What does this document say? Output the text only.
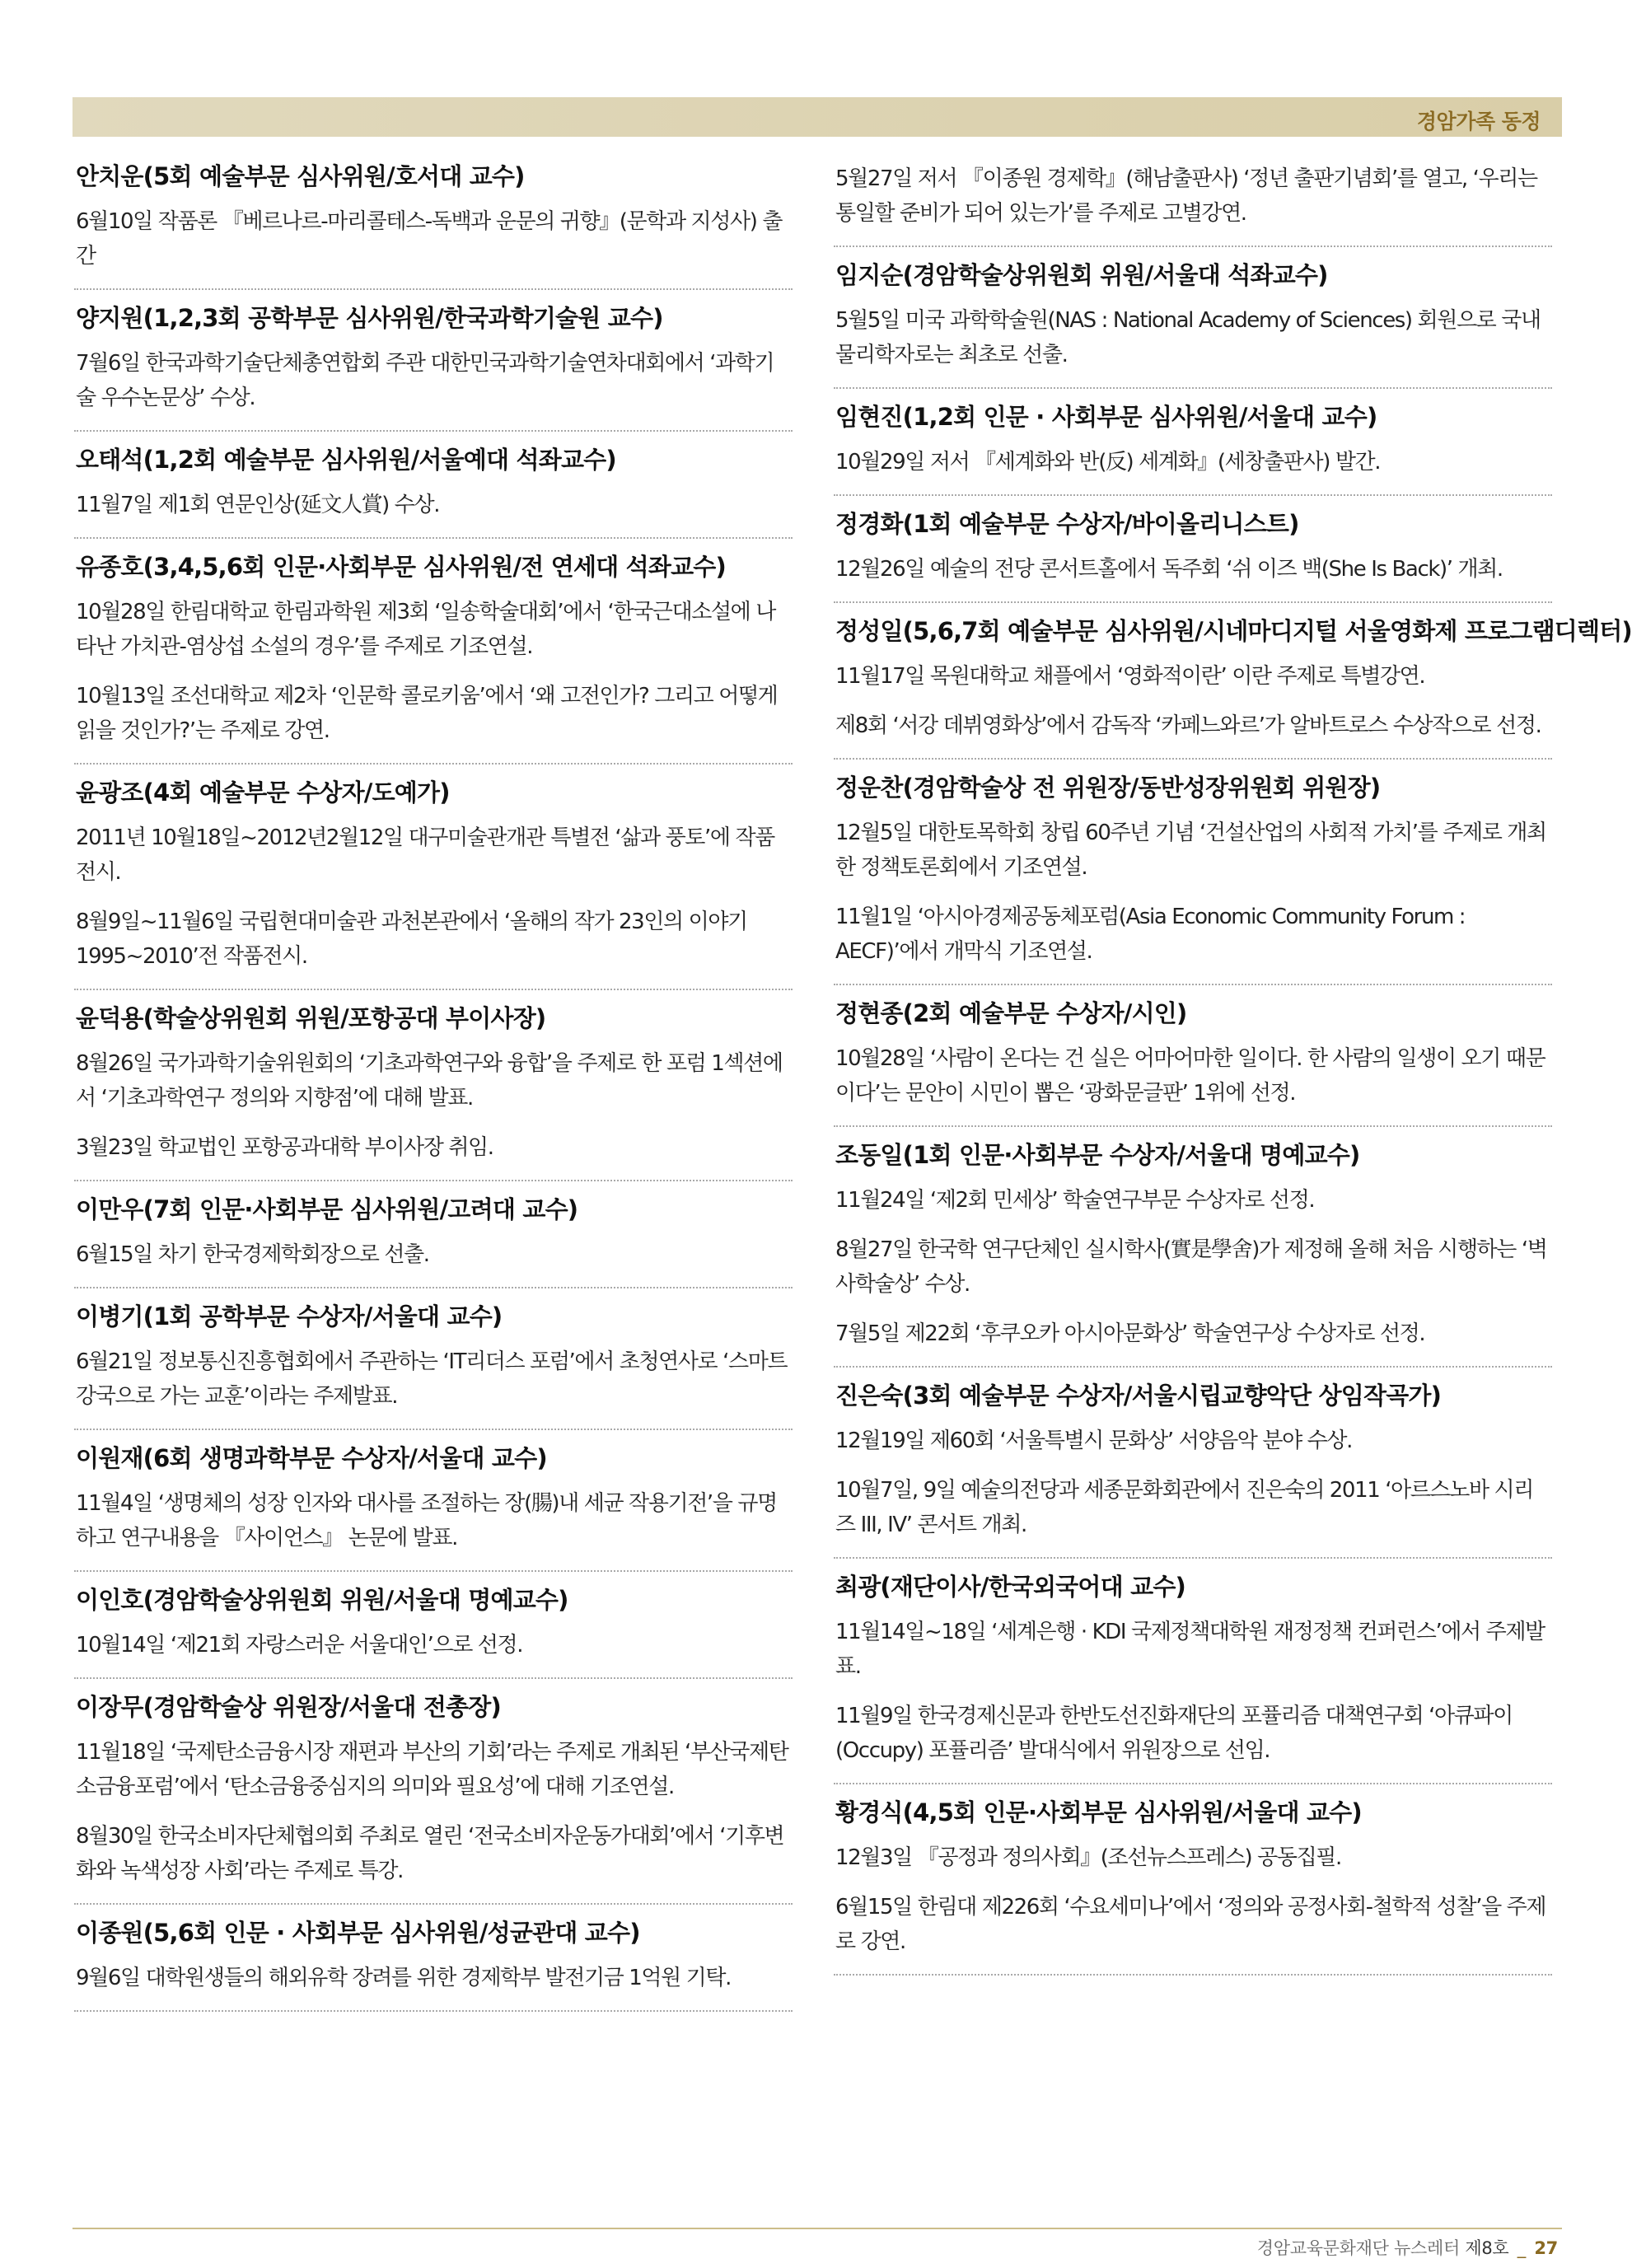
경암가족 동정
안치운(5회 예술부문 심사위원/호서대 교수)
6월10일 작품론 『베르나르-마리콜테스-독백과 운문의 귀향』(문학과 지성사) 출간
양지원(1,2,3회 공학부문 심사위원/한국과학기술원 교수)
7월6일 한국과학기술단체총연합회 주관 대한민국과학기술연차대회에서 ‘과학기술 우수논문상’ 수상.
오태석(1,2회 예술부문 심사위원/서울예대 석좌교수)
11월7일 제1회 연문인상(延文人賞) 수상.
유종호(3,4,5,6회 인문·사회부문 심사위원/전 연세대 석좌교수)
10월28일 한림대학교 한림과학원 제3회 ‘일송학술대회’에서 ‘한국근대소설에 나타난 가치관-염상섭 소설의 경우’를 주제로 기조연설.
10월13일 조선대학교 제2차 ‘인문학 콜로키움’에서 ‘왜 고전인가? 그리고 어떻게 읽을 것인가?’는 주제로 강연.
윤광조(4회 예술부문 수상자/도예가)
2011년 10월18일~2012년2월12일 대구미술관개관 특별전 ‘삶과 풍토’에 작품전시.
8월9일~11월6일 국립현대미술관 과천본관에서 ‘올해의 작가 23인의 이야기 1995~2010’전 작품전시.
윤덕용(학술상위원회 위원/포항공대 부이사장)
8월26일 국가과학기술위원회의 ‘기초과학연구와 융합’을 주제로 한 포럼 1섹션에서 ‘기초과학연구 정의와 지향점’에 대해 발표.
3월23일 학교법인 포항공과대학 부이사장 취임.
이만우(7회 인문·사회부문 심사위원/고려대 교수)
6월15일 차기 한국경제학회장으로 선출.
이병기(1회 공학부문 수상자/서울대 교수)
6월21일 정보통신진흥협회에서 주관하는 ‘IT리더스 포럼’에서 초청연사로 ‘스마트 강국으로 가는 교훈’이라는 주제발표.
이원재(6회 생명과학부문 수상자/서울대 교수)
11월4일 ‘생명체의 성장 인자와 대사를 조절하는 장(腸)내 세균 작용기전’을 규명하고 연구내용을 『사이언스』 논문에 발표.
이인호(경암학술상위원회 위원/서울대 명예교수)
10월14일 ‘제21회 자랑스러운 서울대인’으로 선정.
이장무(경암학술상 위원장/서울대 전총장)
11월18일 ‘국제탄소금융시장 재편과 부산의 기회’라는 주제로 개최된 ‘부산국제탄소금융포럼’에서 ‘탄소금융중심지의 의미와 필요성’에 대해 기조연설.
8월30일 한국소비자단체협의회 주최로 열린 ‘전국소비자운동가대회’에서 ‘기후변화와 녹색성장 사회’라는 주제로 특강.
이종원(5,6회 인문 · 사회부문 심사위원/성균관대 교수)
9월6일 대학원생들의 해외유학 장려를 위한 경제학부 발전기금 1억원 기탁.
5월27일 저서 『이종원 경제학』(해남출판사) ‘정년 출판기념회’를 열고, ‘우리는 통일할 준비가 되어 있는가’를 주제로 고별강연.
임지순(경암학술상위원회 위원/서울대 석좌교수)
5월5일 미국 과학학술원(NAS : National Academy of Sciences) 회원으로 국내 물리학자로는 최초로 선출.
임현진(1,2회 인문 · 사회부문 심사위원/서울대 교수)
10월29일 저서 『세계화와 반(反) 세계화』(세창출판사) 발간.
정경화(1회 예술부문 수상자/바이올리니스트)
12월26일 예술의 전당 콘서트홀에서 독주회 ‘쉬 이즈 백(She Is Back)’ 개최.
정성일(5,6,7회 예술부문 심사위원/시네마디지털 서울영화제 프로그램디렉터)
11월17일 목원대학교 채플에서 ‘영화적이란’ 이란 주제로 특별강연.
제8회 ‘서강 데뷔영화상’에서 감독작 ‘카페느와르’가 알바트로스 수상작으로 선정.
정운찬(경암학술상 전 위원장/동반성장위원회 위원장)
12월5일 대한토목학회 창립 60주년 기념 ‘건설산업의 사회적 가치’를 주제로 개최한 정책토론회에서 기조연설.
11월1일 ‘아시아경제공동체포럼(Asia Economic Community Forum : AECF)’에서 개막식 기조연설.
정현종(2회 예술부문 수상자/시인)
10월28일 ‘사람이 온다는 건 실은 어마어마한 일이다. 한 사람의 일생이 오기 때문이다’는 문안이 시민이 뽑은 ‘광화문글판’ 1위에 선정.
조동일(1회 인문·사회부문 수상자/서울대 명예교수)
11월24일 ‘제2회 민세상’ 학술연구부문 수상자로 선정.
8월27일 한국학 연구단체인 실시학사(實是學舍)가 제정해 올해 처음 시행하는 ‘벽사학술상’ 수상.
7월5일 제22회 ‘후쿠오카 아시아문화상’ 학술연구상 수상자로 선정.
진은숙(3회 예술부문 수상자/서울시립교향악단 상임작곡가)
12월19일 제60회 ‘서울특별시 문화상’ 서양음악 분야 수상.
10월7일, 9일 예술의전당과 세종문화회관에서 진은숙의 2011 ‘아르스노바 시리즈 III, IV’ 콘서트 개최.
최광(재단이사/한국외국어대 교수)
11월14일~18일 ‘세계은행 · KDI 국제정책대학원 재정정책 컨퍼런스’에서 주제발표.
11월9일 한국경제신문과 한반도선진화재단의 포퓰리즘 대책연구회 ‘아큐파이(Occupy) 포퓰리즘’ 발대식에서 위원장으로 선임.
황경식(4,5회 인문·사회부문 심사위원/서울대 교수)
12월3일 『공정과 정의사회』(조선뉴스프레스) 공동집필.
6월15일 한림대 제226회 ‘수요세미나’에서 ‘정의와 공정사회-철학적 성찰’을 주제로 강연.
경암교육문화재단 뉴스레터 제8호 _ 27
